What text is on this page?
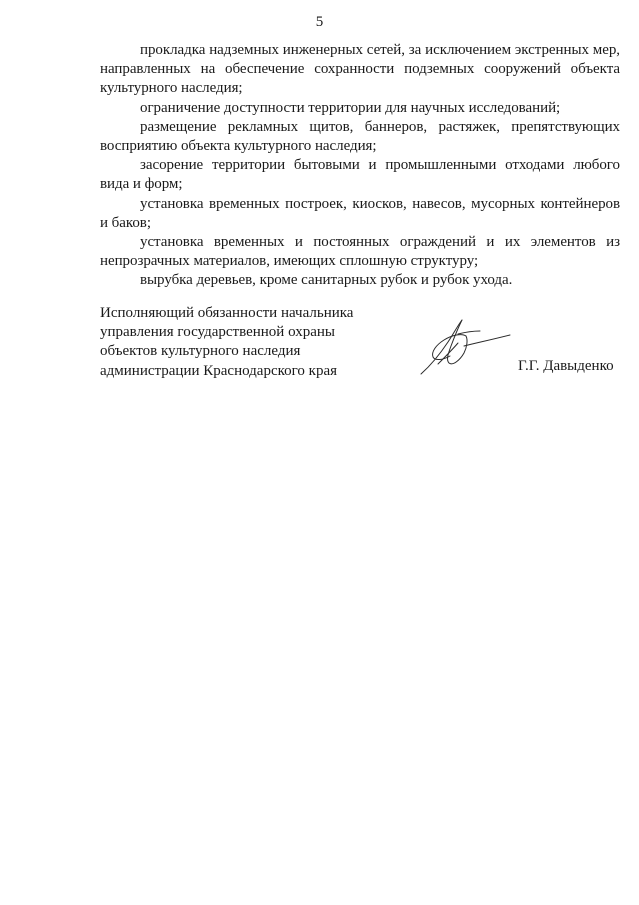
5

прокладка надземных инженерных сетей, за исключением экстренных мер, направленных на обеспечение сохранности подземных сооружений объекта культурного наследия;

ограничение доступности территории для научных исследований;

размещение рекламных щитов, баннеров, растяжек, препятствующих восприятию объекта культурного наследия;

засорение территории бытовыми и промышленными отходами любого вида и форм;

установка временных построек, киосков, навесов, мусорных контейнеров и баков;

установка временных и постоянных ограждений и их элементов из непрозрачных материалов, имеющих сплошную структуру;

вырубка деревьев, кроме санитарных рубок и рубок ухода.

Исполняющий обязанности начальника
управления государственной охраны
объектов культурного наследия
администрации Краснодарского края	Г.Г. Давыденко
